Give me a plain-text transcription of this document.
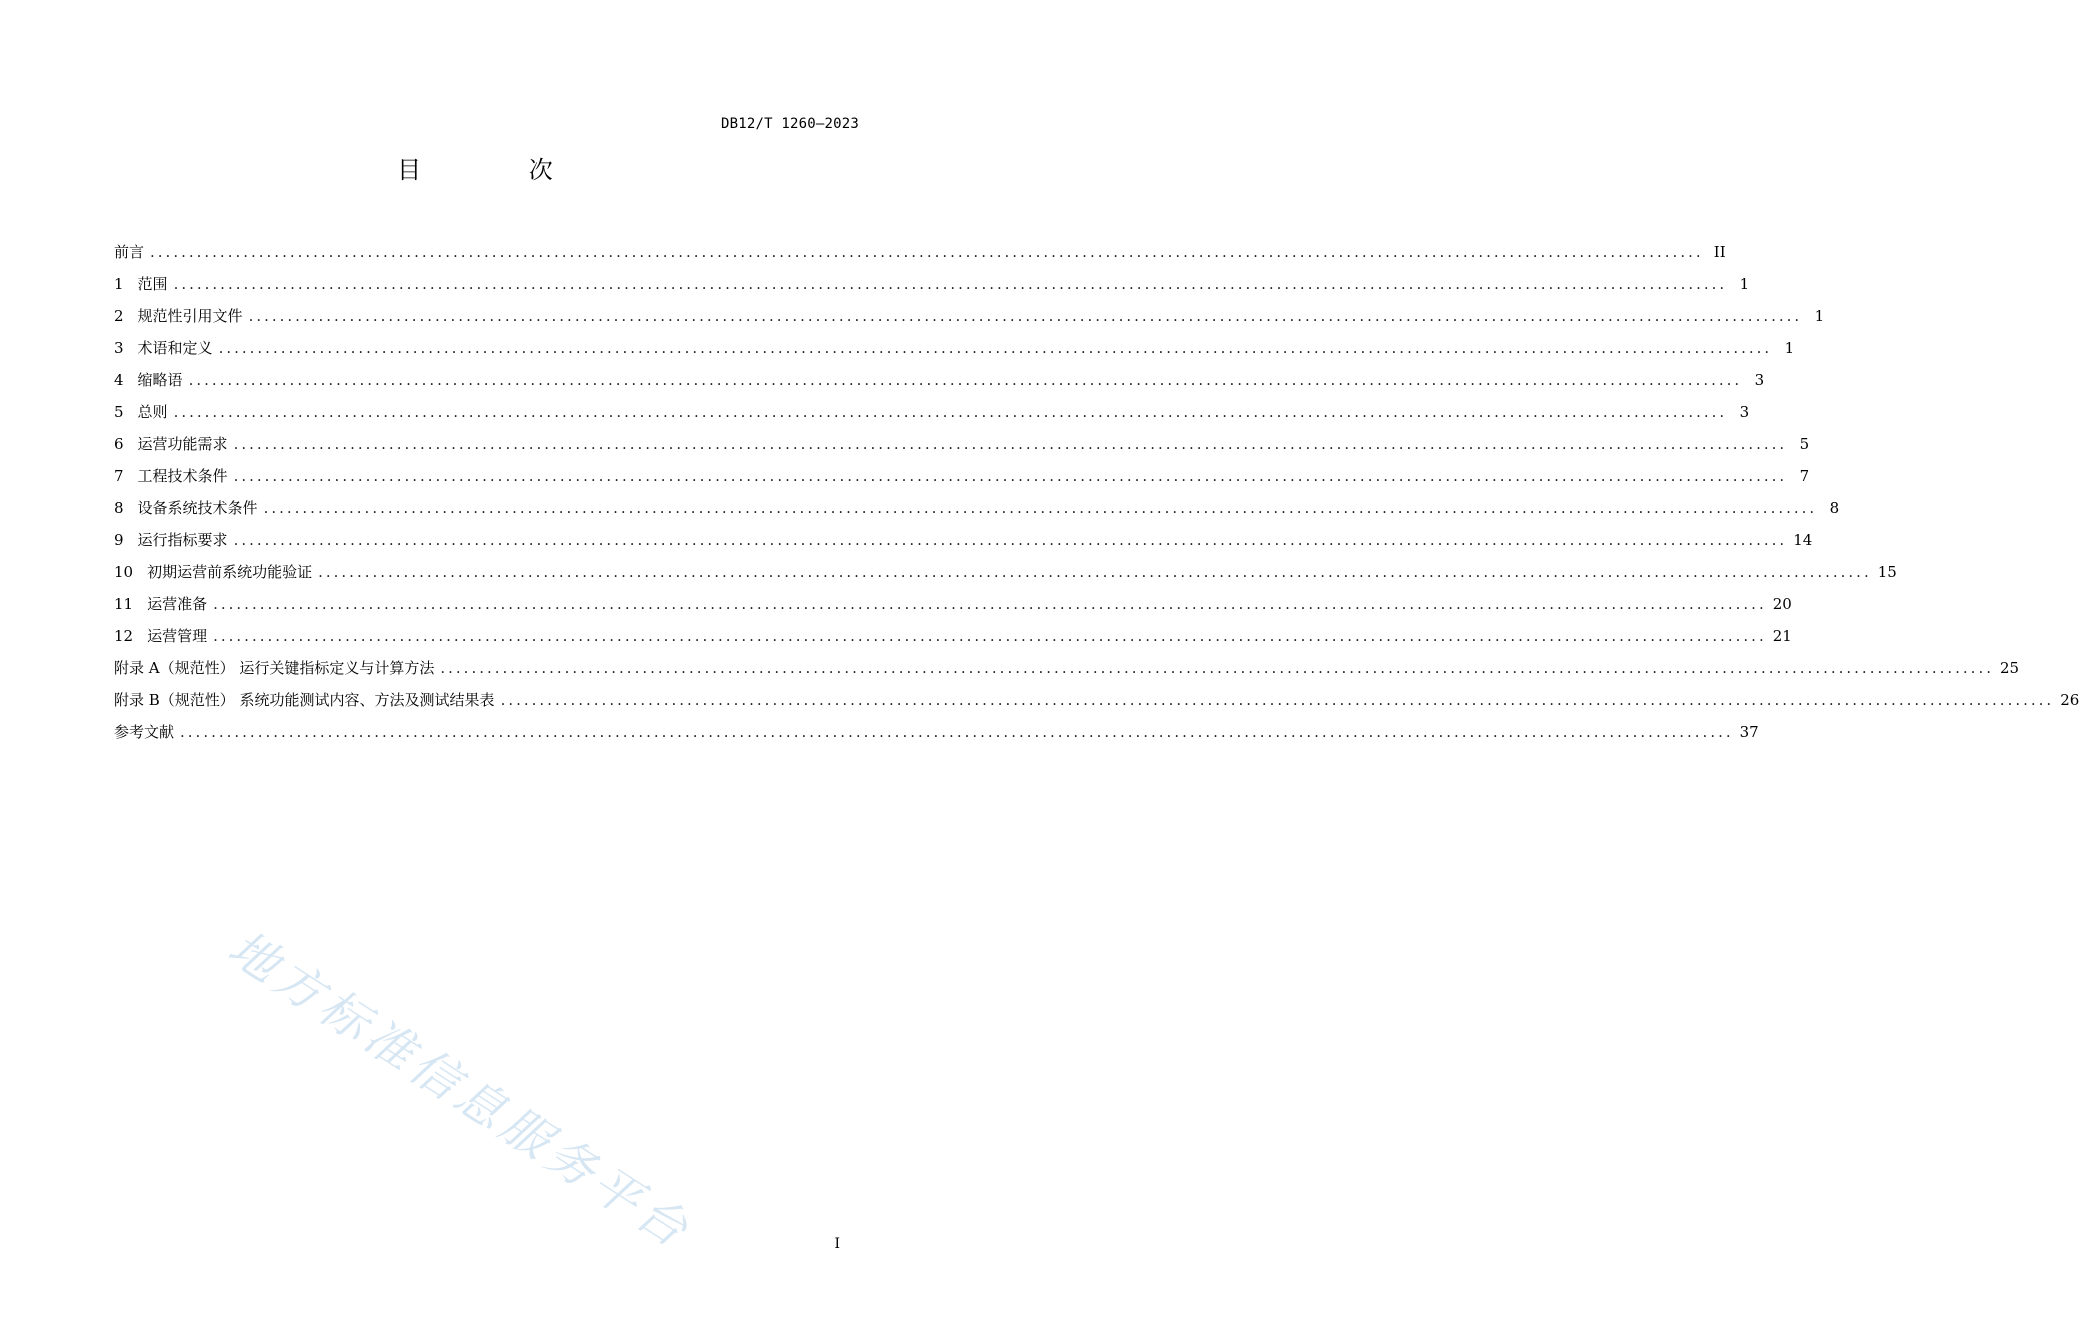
DB12/T 1260—2023
目 次
前言 ........................................................................................................................................................................................................ II
1 范围 ........................................................................................................................................................................................................ 1
2 规范性引用文件 ........................................................................................................................................................................................................ 1
3 术语和定义 ........................................................................................................................................................................................................ 1
4 缩略语 ........................................................................................................................................................................................................ 3
5 总则 ........................................................................................................................................................................................................ 3
6 运营功能需求 ........................................................................................................................................................................................................ 5
7 工程技术条件 ........................................................................................................................................................................................................ 7
8 设备系统技术条件 ........................................................................................................................................................................................................ 8
9 运行指标要求 ........................................................................................................................................................................................................ 14
10 初期运营前系统功能验证 ........................................................................................................................................................................................................ 15
11 运营准备 ........................................................................................................................................................................................................ 20
12 运营管理 ........................................................................................................................................................................................................ 21
附录 A（规范性） 运行关键指标定义与计算方法 ........................................................................................................................................................................................................ 25
附录 B（规范性） 系统功能测试内容、方法及测试结果表 ........................................................................................................................................................................................................ 26
参考文献 ........................................................................................................................................................................................................ 37
地方标准信息服务平台	I
